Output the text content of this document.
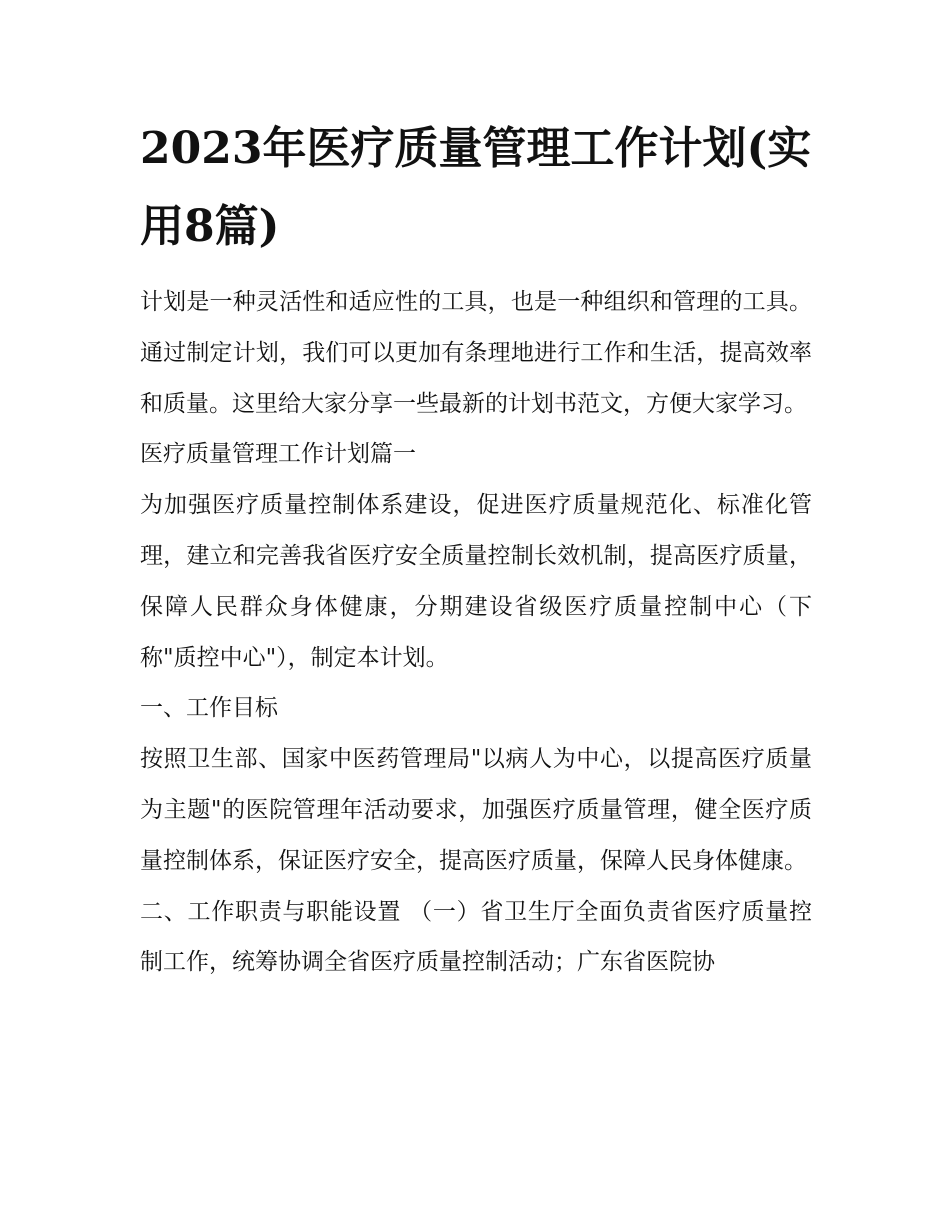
2023年医疗质量管理工作计划(实用8篇)

计划是一种灵活性和适应性的工具，也是一种组织和管理的工具。通过制定计划，我们可以更加有条理地进行工作和生活，提高效率和质量。这里给大家分享一些最新的计划书范文，方便大家学习。

医疗质量管理工作计划篇一

为加强医疗质量控制体系建设，促进医疗质量规范化、标准化管理，建立和完善我省医疗安全质量控制长效机制，提高医疗质量，保障人民群众身体健康，分期建设省级医疗质量控制中心（下称"质控中心"），制定本计划。

一、工作目标

按照卫生部、国家中医药管理局"以病人为中心，以提高医疗质量为主题"的医院管理年活动要求，加强医疗质量管理，健全医疗质量控制体系，保证医疗安全，提高医疗质量，保障人民身体健康。

二、工作职责与职能设置 （一）省卫生厅全面负责省医疗质量控制工作，统筹协调全省医疗质量控制活动；广东省医院协
